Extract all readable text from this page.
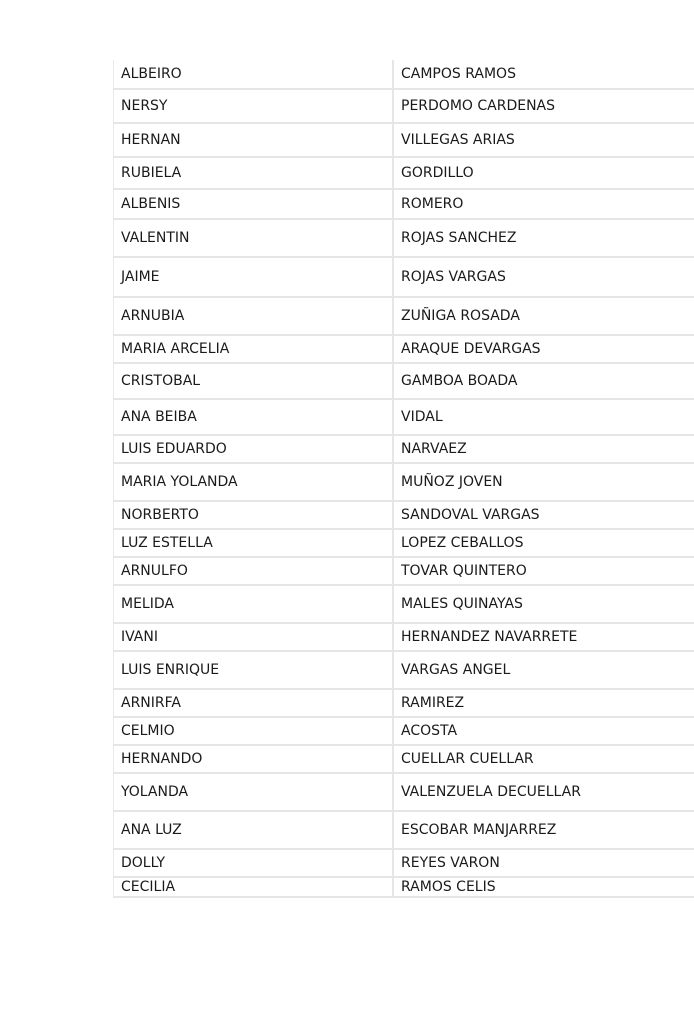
ALBEIRO	CAMPOS RAMOS
NERSY	PERDOMO CARDENAS
HERNAN	VILLEGAS ARIAS
RUBIELA	GORDILLO
ALBENIS	ROMERO
VALENTIN	ROJAS SANCHEZ
JAIME	ROJAS VARGAS
ARNUBIA	ZUÑIGA ROSADA
MARIA ARCELIA	ARAQUE DEVARGAS
CRISTOBAL	GAMBOA BOADA
ANA BEIBA	VIDAL
LUIS EDUARDO	NARVAEZ
MARIA YOLANDA	MUÑOZ JOVEN
NORBERTO	SANDOVAL VARGAS
LUZ ESTELLA	LOPEZ CEBALLOS
ARNULFO	TOVAR QUINTERO
MELIDA	MALES QUINAYAS
IVANI	HERNANDEZ NAVARRETE
LUIS ENRIQUE	VARGAS ANGEL
ARNIRFA	RAMIREZ
CELMIO	ACOSTA
HERNANDO	CUELLAR CUELLAR
YOLANDA	VALENZUELA DECUELLAR
ANA LUZ	ESCOBAR MANJARREZ
DOLLY	REYES VARON
CECILIA	RAMOS CELIS
